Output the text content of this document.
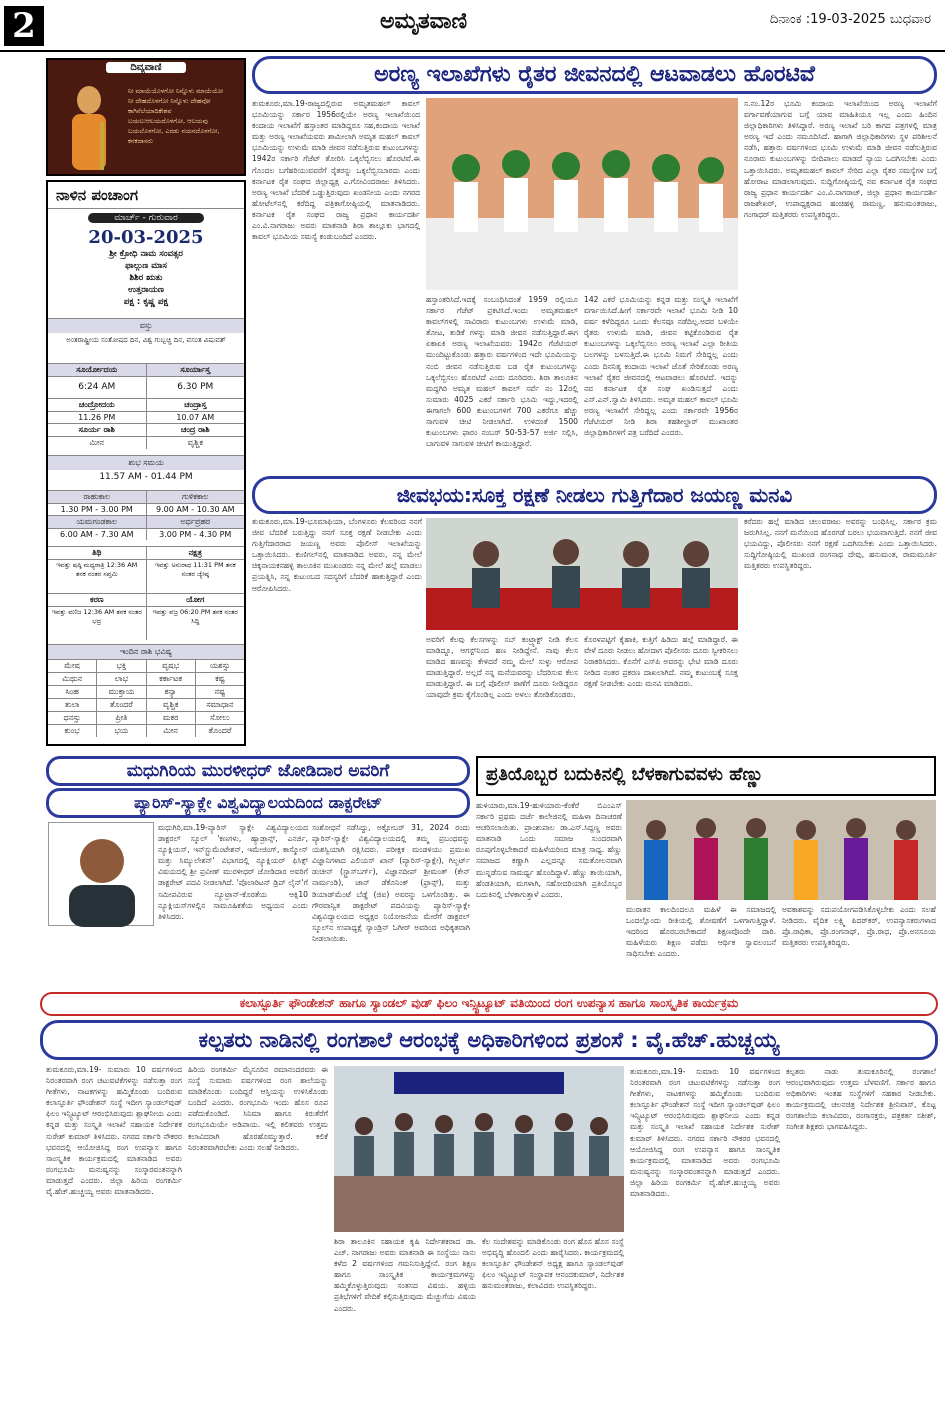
2	ಅಮೃತವಾಣಿ	ದಿನಾಂಕ :19-03-2025 ಬುಧವಾರ
ದಿವ್ಯವಾಣಿ
ನೀ ಮಾಯೆಯೊಳಗೋ ನಿನ್ನೊಳು ಮಾಯೆಯೋ
ನೀ ದೇಹದೊಳಗೋ ನಿನ್ನೊಳು ದೇಹವೋ
ಕಾಗಿನೆಲೆಯಾದಿಕೇಶವ
ಬಯಲುಆಲಯದೊಳಗೋ, ಆಲಯವು ಬಯಲೊಳಗೋ, ಎರಡು ನಯನದೊಳಗೋ,
ಕನಕದಾಸರು
ನಾಳಿನ ಪಂಚಾಂಗ
ಮಾರ್ಚ್ - ಗುರುವಾರ
20-03-2025
ಶ್ರೀ ಕ್ರೋಧಿ ನಾಮ ಸಂವತ್ಸರ
ಫಾಲ್ಗುಣ ಮಾಸ
ಶಿಶಿರ ಋತು
ಉತ್ತರಾಯಣ
ಪಕ್ಷ : ಕೃಷ್ಣ ಪಕ್ಷ
ವಸ್ತು
ಅಂತರಾಷ್ಟ್ರೀಯ ಸಂತೋಷದ ದಿನ, ವಿಶ್ವ ಗುಬ್ಬಚ್ಚಿ ದಿನ, ವಸಂತ ವಿಷುವತ್
ಸೂರ್ಯೋದಯ	ಸೂರ್ಯಾಸ್ತ
6:24 AM	6.30 PM
ಚಂದ್ರೋದಯ	ಚಂದ್ರಾಸ್ತ
11.26 PM	10.07 AM
ಸೂರ್ಯ ರಾಶಿ	ಚಂದ್ರ ರಾಶಿ
ಮೀನ	ವೃಶ್ಚಿಕ
ಶುಭ ಸಮಯ
11.57 AM - 01.44 PM
ರಾಹುಕಾಲ	ಗುಳಿಕಕಾಲ
1.30 PM - 3.00 PM	9.00 AM - 10.30 AM
ಯಮಗಂಡಕಾಲ	ಅರ್ಧಪ್ರಹರ
6.00 AM - 7.30 AM	3.00 PM - 4.30 PM
ತಿಥಿ	ನಕ್ಷತ್ರ
ಇವತ್ತು ಷಷ್ಠಿ ಮಧ್ಯರಾತ್ರಿ 12:36 AM ತನಕ ನಂತರ ಸಪ್ತಮಿ
ಇವತ್ತು ಅನುರಾಧ 11:31 PM ತನಕ ನಂತರ ಜ್ಯೇಷ್ಠ
ಕರಣ	ಯೋಗ
ಇವತ್ತು ವಣಿಜ 12:36 AM ತನಕ ನಂತರ ಭದ್ರ
ಇವತ್ತು ವಜ್ರ 06:20 PM ತನಕ ನಂತರ ಸಿದ್ಧಿ
ಇಂದಿನ ರಾಶಿ ಭವಿಷ್ಯ
ಮೇಷ	ಭಕ್ತಿ	ವೃಷಭ	ಯಶಸ್ಸು
ಮಿಥುನ	ಲಾಭ	ಕರ್ಕಾಟಕ	ಕಷ್ಟ
ಸಿಂಹ	ಮುಕ್ತಾಯ	ಕನ್ಯಾ	ನಷ್ಟ
ತುಲಾ	ತೊಂದರೆ	ವೃಶ್ಚಿಕ	ಸಮಾಧಾನ
ಧನಸ್ಸು	ಪ್ರೀತಿ	ಮಕರ	ಸೋಲು
ಕುಂಭ	ಭಯ	ಮೀನ	ತೊಂದರೆ
ಅರಣ್ಯ ಇಲಾಖೆಗಳು ರೈತರ ಜೀವನದಲ್ಲಿ ಆಟವಾಡಲು ಹೊರಟಿವೆ
ತುಮಕೂರು,ಮಾ.19-ರಾಜ್ಯದಲ್ಲಿರುವ ಅಮೃತಮಹಲ್ ಕಾವಲ್ ಭೂಮಿಯನ್ನು ಸರ್ಕಾರ 1956ರಲ್ಲಿಯೇ ಅರಣ್ಯ ಇಲಾಖೆಯಿಂದ ಕಂದಾಯ ಇಲಾಖೆಗೆ ಹಸ್ತಾಂತರ ಮಾಡಿದ್ದರೂ ಸಹ,ಕಂದಾಯ ಇಲಾಖೆ ಮತ್ತು ಅರಣ್ಯ ಇಲಾಖೆಯವರು ಶಾಮೀಲಾಗಿ ಅಮೃತ ಮಹಲ್ ಕಾವಲ್ ಭೂಮಿಯನ್ನು ಉಳುಮೆ ಮಾಡಿ ಜೀವನ ನಡೆಸುತ್ತಿರುವ ಕುಟುಂಬಗಳನ್ನು 1942ರ ಸರ್ಕಾರಿ ಗೆಜೆಟ್ ತೋರಿಸಿ ಒಕ್ಕಲೆಬ್ಬಿಸಲು ಹೊರಟಿವೆ.ಈ ಗೊಂದಲ ಬಗೆಹರಿಯುವವರೆಗೆ ರೈತರನ್ನು ಒಕ್ಕಲೆಬ್ಬಿಸಬಾರದು ಎಂದು ಕರ್ನಾಟಕ ರೈತ ಸಂಘದ ಜಿಲ್ಲಾಧ್ಯಕ್ಷ ಎ.ಗೋವಿಂದರಾಜು ತಿಳಿಸಿದರು. ಅರಣ್ಯ ಇಲಾಖೆ ಬೆದರಿಕೆ ಒಡ್ಡುತ್ತಿರುವುದು ಖಂಡನೀಯ ಎಂದು ನಗರದ ಹೋಟೆಲ್‌ನಲ್ಲಿ ಕರೆದಿದ್ದ ಪತ್ರಿಕಾಗೋಷ್ಠಿಯಲ್ಲಿ ಮಾತನಾಡಿದರು. ಕರ್ನಾಟಕ ರೈತ ಸಂಘದ ರಾಜ್ಯ ಪ್ರಧಾನ ಕಾರ್ಯದರ್ಶಿ ಎಂ.ವಿ.ನಾಗರಾಜು ಅವರು ಮಾತನಾಡಿ ಶಿರಾ ತಾಲ್ಲೂಕು ಭಾಗದಲ್ಲಿ ಕಾವಲ್ ಭೂಮಿಯ ಸಮಸ್ಯೆ ಕಂಡುಬಂದಿದೆ ಎಂದರು.
ಹಸ್ತಾಂತರಿಸಿದೆ.ಇದಕ್ಕೆ ಸಂಬಂಧಿಸಿದಂತೆ 1959 ರಲ್ಲಿಯೂ ಸರ್ಕಾರ ಗೆಜೆಟ್ ಪ್ರಕಟಿಸಿದೆ.ಇಂದು ಅಮೃತಮಹಲ್ ಕಾವಲ್‌ಗಳಲ್ಲಿ ಸಾವಿರಾರು ಕುಟುಂಬಗಳು ಉಳುಮೆ ಮಾಡಿ, ತೋಟ, ತುಡಿಕೆ ಗಳನ್ನು ಮಾಡಿ ಜೀವನ ನಡೆಸುತ್ತಿದ್ದಾರೆ.ಈಗ ಏಕಾಏಕಿ ಅರಣ್ಯ ಇಲಾಖೆಯವರು 1942ರ ಗೆಜೆಟಿಯರ್ ಮುಂದಿಟ್ಟುಕೊಂಡು ಹತ್ತಾರು ವರ್ಷಗಳಿಂದ ಇದೇ ಭೂಮಿಯನ್ನು ನಂಬಿ ಜೀವನ ನಡೆಸುತ್ತಿರುವ ಬಡ ರೈತ ಕುಟುಂಬಗಳನ್ನು ಒಕ್ಕಲೆಬ್ಬಿಸಲು ಹೊರಟಿದೆ ಎಂದು ದೂರಿದರು. ಶಿರಾ ತಾಲೂಕಿನ ಮದ್ದಗಿರಿ ಅಮೃತ ಮಹಲ್ ಕಾವಲ್ ಸರ್ವೆ ನಂ 12ರಲ್ಲಿ ಸುಮಾರು 4025 ಎಕರೆ ಸರ್ಕಾರಿ ಭೂಮಿ ಇದ್ದು,ಇದರಲ್ಲಿ ಈಗಾಗಲೇ 600 ಕುಟುಂಬಗಳಿಗೆ 700 ಎಕರೆಗೂ ಹೆಚ್ಚು ಸಾಗುವಳಿ ಚೀಟಿ ನೀಡಲಾಗಿದೆ. ಉಳಿದಂತೆ 1500 ಕುಟುಂಬಗಳು ಫಾರಂ ನಂಬರ್ 50-53-57 ಅರ್ಜಿ ಸಲ್ಲಿಸಿ, ಬಾಗುವಳಿ ಸಾಗುವಳಿ ಚೀಟಿಗೆ ಕಾಯುತ್ತಿದ್ದಾರೆ.
142 ಎಕರೆ ಭೂಮಿಯನ್ನು ಕನ್ನಡ ಮತ್ತು ಸಂಸ್ಕೃತಿ ಇಲಾಖೆಗೆ ವರ್ಗಾಯಿಸಿದೆ.ಹೀಗೆ ಸರ್ಕಾರವೇ ಇಲಾಖೆ ಭೂಮಿ ನೀಡಿ 10 ವರ್ಷ ಕಳೆದಿದ್ದರೂ ಒಂದು ಕೆಲಸವೂ ನಡೆದಿಲ್ಲ.ಅದರ ಬಳಿಯೇ ರೈತರು ಉಳುಮೆ ಮಾಡಿ, ಜೀವನ ಕಟ್ಟಿಕೊಂಡಿರುವ ರೈತ ಕುಟುಂಬಗಳನ್ನು ಒಕ್ಕಲೆಬ್ಬಿಸಲು ಅರಣ್ಯ ಇಲಾಖೆ ಎಲ್ಲಾ ರೀತಿಯ ಬಲಗಳನ್ನು ಬಳಸುತ್ತಿದೆ.ಈ ಭೂಮಿ ನಿಮಗೆ ಸೇರಿದ್ದಲ್ಲ ಎಂದು ಎಂದು ದಿನನಿತ್ಯ ಕಂದಾಯ ಇಲಾಖೆ ಜೊತೆ ಸೇರಿಕೊಂಡು ಅರಣ್ಯ ಇಲಾಖೆ ರೈತರ ಜೀವನದಲ್ಲಿ ಆಟವಾಡಲು ಹೊರಟಿದೆ. ಇದನ್ನು ನವ ಕರ್ನಾಟಕ ರೈತ ಸಂಘ ಖಂಡಿಸುತ್ತದೆ ಎಂದು ಎಸ್.ಎನ್.ಸ್ವಾಮಿ ತಿಳಿಸಿದರು. ಅಮೃತ ಮಹಲ್ ಕಾವಲ್ ಭೂಮಿ ಅರಣ್ಯ ಇಲಾಖೆಗೆ ಸೇರಿದ್ದಲ್ಲ ಎಂದು ಸರ್ಕಾರವೇ 1956ರ ಗೆಜೆಟಿಯರ್ ನೀಡಿ ಶಿರಾ ತಹಶೀಲ್ದಾರ್ ಮುಖಾಂತರ ಜಿಲ್ಲಾಧಿಕಾರಿಗಳಿಗೆ ಪತ್ರ ಬರೆದಿದೆ ಎಂದರು.
ಸ.ನಂ.12ರ ಭೂಮಿ ಕಂದಾಯ ಇಲಾಖೆಯಿಂದ ಅರಣ್ಯ ಇಲಾಖೆಗೆ ವರ್ಗಾವಣೆಯಾಗುವ ಬಗ್ಗೆ ಯಾವ ಮಾಹಿತಿಯೂ ಇಲ್ಲ ಎಂದು ಹಿಂದಿನ ಜಿಲ್ಲಾಧಿಕಾರಿಗಳು ತಿಳಿಸಿದ್ದಾರೆ. ಅರಣ್ಯ ಇಲಾಖೆ ಬರಿ ಕಾಗದ ಪತ್ರಗಳಲ್ಲಿ ಮಾತ್ರ ಅರಣ್ಯ ಇದೆ ಎಂದು ನಮೂದಿಸಿದೆ. ಹಾಗಾಗಿ ಜಿಲ್ಲಾಧಿಕಾರಿಗಳು ಸ್ಥಳ ಪರಿಶೀಲನೆ ನಡೆಸಿ, ಹತ್ತಾರು ವರ್ಷಗಳಿಂದ ಭೂಮಿ ಉಳುಮೆ ಮಾಡಿ ಜೀವನ ನಡೆಸುತ್ತಿರುವ ನೂರಾರು ಕುಟುಂಬಗಳನ್ನು ಬೀದಿಪಾಲು ಮಾಡದೆ ನ್ಯಾಯ ಒದಗಿಸಬೇಕು ಎಂದು ಒತ್ತಾಯಿಸಿದರು. ಅಮೃತಮಹಲ್ ಕಾವಲ್ ಸೇರಿದ ಎಲ್ಲಾ ರೈತರ ಸಮಸ್ಯೆಗಳ ಬಗ್ಗೆ ಹೋರಾಟ ಮಾಡಲಾಗುವುದು. ಸುದ್ದಿಗೋಷ್ಠಿಯಲ್ಲಿ ನವ ಕರ್ನಾಟಕ ರೈತ ಸಂಘದ ರಾಜ್ಯ ಪ್ರಧಾನ ಕಾರ್ಯದರ್ಶಿ ಎಂ.ವಿ.ನಾಗರಾಜ್, ಜಿಲ್ಲಾ ಪ್ರಧಾನ ಕಾರ್ಯದರ್ಶಿ ರಾಜಶೇಖರ್, ಉಪಾಧ್ಯಕ್ಷರಾದ ಹಂಚಿಹಳ್ಳಿ ರಾಮಣ್ಣ, ಹನುಮಂತರಾಜು, ಗಂಗಾಧರ್ ಮತ್ತಿತರರು ಉಪಸ್ಥಿತರಿದ್ದರು.
ಜೀವಭಯ:ಸೂಕ್ತ ರಕ್ಷಣೆ ನೀಡಲು ಗುತ್ತಿಗೆದಾರ ಜಯಣ್ಣ ಮನವಿ
ತುಮಕೂರು,ಮಾ.19-ಭೂಮಾಫಿಯಾ, ಬೆಂಗಳೂರು ಕೆಲವರಿಂದ ನನಗೆ ಜೀವ ಬೆದರಿಕೆ ಬರುತ್ತಿದ್ದು ನನಗೆ ಸೂಕ್ತ ರಕ್ಷಣೆ ನೀಡಬೇಕು ಎಂದು ಗುತ್ತಿಗೆದಾರರಾದ ಜಯಣ್ಣ ಅವರು ಪೊಲೀಸ್ ಇಲಾಖೆಯನ್ನು ಒತ್ತಾಯಿಸಿದರು. ಕುಣಿಗಲ್‌ನಲ್ಲಿ ಮಾತನಾಡಿದ ಅವರು, ನನ್ನ ಮೇಲೆ ಚಿಕ್ಕನಾಯಕನಹಳ್ಳಿ ತಾಲೂಕಿನ ಮುಖಂಡರು ನನ್ನ ಮೇಲೆ ಹಲ್ಲೆ ಮಾಡಲು ಪ್ರಯತ್ನಿಸಿ, ನನ್ನ ಕುಟುಂಬದ ಸದಸ್ಯರಿಗೆ ಬೆದರಿಕೆ ಹಾಕುತ್ತಿದ್ದಾರೆ ಎಂದು ಆರೋಪಿಸಿದರು.
ಅವರಿಗೆ ಕೆಲವು ಕೆಲಸಗಳನ್ನು ಸಬ್ ಕಂಟ್ರ್ಯಾಕ್ಟ್ ನೀಡಿ ಕೆಲಸ ಮಾಡಿದ್ದೂ, ಆಗಸ್ಟ್‌ನಿಂದ ಹಣ ನೀಡಿದ್ದೇನೆ. ನಾವು ಕೆಲಸ ಮಾಡಿದ ಹಣವನ್ನು ಕೇಳಿದರೆ ನಮ್ಮ ಮೇಲೆ ಸುಳ್ಳು ಆರೋಪ ಮಾಡುತ್ತಿದ್ದಾರೆ. ಅಲ್ಲದೆ ನನ್ನ ಮನೆಯವರನ್ನು ಬೆದರಿಸುವ ಕೆಲಸ ಮಾಡುತ್ತಿದ್ದಾರೆ. ಈ ಬಗ್ಗೆ ಪೊಲೀಸ್ ಠಾಣೆಗೆ ದೂರು ನೀಡಿದ್ದರೂ ಯಾವುದೇ ಕ್ರಮ ಕೈಗೊಂಡಿಲ್ಲ ಎಂದು ಅಳಲು ತೋಡಿಕೊಂಡರು.
ಕೊರಳಪಟ್ಟಿಗೆ ಕೈಹಾಕಿ, ಕುತ್ತಿಗೆ ಹಿಡಿದು ಹಲ್ಲೆ ಮಾಡಿದ್ದಾರೆ. ಈ ವೇಳೆ ದೂರು ನೀಡಲು ಹೋದಾಗ ಪೊಲೀಸರು ದೂರು ಸ್ವೀಕರಿಸಲು ನಿರಾಕರಿಸಿದರು. ಕೊನೆಗೆ ಎಸ್‌ಪಿ ಅವರನ್ನು ಭೇಟಿ ಮಾಡಿ ದೂರು ನೀಡಿದ ನಂತರ ಪ್ರಕರಣ ದಾಖಲಾಗಿದೆ. ನಮ್ಮ ಕುಟುಂಬಕ್ಕೆ ಸೂಕ್ತ ರಕ್ಷಣೆ ನೀಡಬೇಕು ಎಂದು ಮನವಿ ಮಾಡಿದರು.
ಕರೆದರು ಹಲ್ಲೆ ಮಾಡಿದ ಚಲುವರಾಜು ಅವರನ್ನು ಬಂಧಿಸಿಲ್ಲ. ಸರ್ಕಾರ ಕ್ರಮ ಜರುಗಿಸಿಲ್ಲ. ನನಗೆ ಮನೆಯಿಂದ ಹೊರಗಡೆ ಬರಲು ಭಯವಾಗುತ್ತಿದೆ. ನನಗೆ ಜೀವ ಭಯವಿದ್ದು, ಪೊಲೀಸರು ನನಗೆ ರಕ್ಷಣೆ ಒದಗಿಸಬೇಕು ಎಂದು ಒತ್ತಾಯಿಸಿದರು. ಸುದ್ದಿಗೋಷ್ಠಿಯಲ್ಲಿ ಮುಖಂಡ ರಂಗನಾಥ ದೇವು, ಹನುಮಂತ, ರಾಮಮೂರ್ತಿ ಮತ್ತಿತರರು ಉಪಸ್ಥಿತರಿದ್ದರು.
ಮಧುಗಿರಿಯ ಮುರಳೀಧರ್ ಜೋಡಿದಾರ ಅವರಿಗೆ
ಪ್ಯಾರಿಸ್-ಸ್ಯಾಕ್ಲೇ ವಿಶ್ವವಿದ್ಯಾಲಯದಿಂದ ಡಾಕ್ಟರೇಟ್
ಮಧುಗಿರಿ,ಮಾ.19-ಪ್ಯಾರಿಸ್ ಸ್ಯಾಕ್ಲೇ ವಿಶ್ವವಿದ್ಯಾಲಯದ ಡಾಕ್ಟರಲ್ ಸ್ಕೂಲ್ 'ಕಣಗಳು, ಹ್ಯಾಡ್ರಾನ್ಸ್, ಎನರ್ಜಿ, ನ್ಯೂಕ್ಲಿಯಸ್, ಇನ್‌ಸ್ಟ್ರುಮೆಂಟೇಶನ್, ಇಮೇಜಿಂಗ್, ಕಾಸ್ಮೋಸ್ ಮತ್ತು ಸಿಮ್ಯುಲೇಶನ್' ವಿಭಾಗದಲ್ಲಿ ನ್ಯೂಕ್ಲಿಯರ್ ಫಿಸಿಕ್ಸ್ ವಿಷಯದಲ್ಲಿ ಶ್ರೀ ಪ್ರವೀಣ್ ಮುರಳೀಧರ್ ಜೋಡಿದಾರ ಅವರಿಗೆ ಡಾಕ್ಟರೇಟ್ ಪದವಿ ನೀಡಲಾಗಿದೆ. 'ಪೊಲಾರಿಟನ್ ಡ್ರಿಪ್ ಲೈನ್'ಗೆ ಸಮೀಪವಿರುವ ನ್ಯೂಟ್ರಾನ್-ಕೊರತೆಯ ಆಕ್ಸಿ10 ನ್ಯೂಕ್ಲಿಯಸ್‌ಗಳಲ್ಲಿನ ಸಾಮೂಹಿಕತೆಯ ಅಧ್ಯಯನ ಎಂದು ತಿಳಿಸಿದರು.
ಸಂಶೋಧನೆ ನಡೆಸಿದ್ದು, ಅಕ್ಟೋಬರ್ 31, 2024 ರಂದು ಪ್ಯಾರಿಸ್-ಸ್ಯಾಕ್ಲೇ ವಿಶ್ವವಿದ್ಯಾಲಯದಲ್ಲಿ ತಮ್ಮ ಪ್ರಬಂಧವನ್ನು ಯಶಸ್ವಿಯಾಗಿ ರಕ್ಷಿಸಿದರು. ಪರೀಕ್ಷಕ ಮಂಡಳಿಯು ಪ್ರಮುಖ ವಿಜ್ಞಾನಿಗಳಾದ ಎಲಿಯಸ್ ಖಾನ್ (ಪ್ಯಾರಿಸ್-ಸ್ಯಾಕ್ಲೇ), ಗಿಲ್ಬರ್ಟ್ ಡುಚೀನ್ (ಸ್ಟ್ರಾಸ್‌ಬರ್ಗ್), ವಿಜ್ಞಾನದೀಪ್ ಶ್ರೀಮಂತ್ (ಕೇನ್ ನಾರ್ಮಂಡಿ), ಜಾನ್ ಡೆಕೊನಿಂಕ್ (ಫ್ರಾನ್ಸ್), ಮತ್ತು ಡಿಯಾಡ್‌ಮೆಂಟೆ ಬೆಡ್ಡೆ (ಜಿಐ) ಅವರನ್ನು ಒಳಗೊಂಡಿತ್ತು. ಈ ಗೌರವಾನ್ವಿತ ಡಾಕ್ಟರೇಟ್ ಪದವಿಯನ್ನು ಪ್ಯಾರಿಸ್-ಸ್ಯಾಕ್ಲೇ ವಿಶ್ವವಿದ್ಯಾಲಯದ ಅಧ್ಯಕ್ಷರ ನಿಯೋಜನೆಯ ಮೇರೆಗೆ ಡಾಕ್ಟರಲ್ ಸ್ಕೂಲ್‌ನ ಉಪಾಧ್ಯಕ್ಷೆ ಸ್ಯಾಂಡ್ರಿನ್ ಓಗೀರ್ ಅವರಿಂದ ಅಧಿಕೃತವಾಗಿ ನೀಡಲಾಯಿತು.
ಪ್ರತಿಯೊಬ್ಬರ ಬದುಕಿನಲ್ಲಿ ಬೆಳಕಾಗುವವಳು ಹೆಣ್ಣು
ಹುಳಿಯಾರು,ಮಾ.19-ಹುಳಿಯಾರು-ಕೆಂಕೆರೆ ಬಿಎಂಎಸ್ ಸರ್ಕಾರಿ ಪ್ರಥಮ ದರ್ಜೆ ಕಾಲೇಜಿನಲ್ಲಿ ಮಹಿಳಾ ದಿನಾಚರಣೆ ಆಚರಿಸಲಾಯಿತು. ಪ್ರಾಂಶುಪಾಲ ಡಾ.ಎಸ್.ಸಿದ್ದಣ್ಣ ಅವರು ಮಾತನಾಡಿ ಒಂದು ಸಮಾಜ ಸುಂದರವಾಗಿ ರೂಪುಗೊಳ್ಳಬೇಕಾದರೆ ಮಹಿಳೆಯರಿಂದ ಮಾತ್ರ ಸಾಧ್ಯ. ಹೆಣ್ಣು ಸಮಾಜದ ಕಣ್ಣಾಗಿ ಎಲ್ಲದನ್ನೂ ಸಮತೋಲನವಾಗಿ ಮುನ್ನಡೆಸುವ ಸಾಮರ್ಥ್ಯ ಹೊಂದಿದ್ದಾಳೆ. ಹೆಣ್ಣು ತಾಯಿಯಾಗಿ, ಹೆಂಡತಿಯಾಗಿ, ಮಗಳಾಗಿ, ಸಹೋದರಿಯಾಗಿ ಪ್ರತಿಯೊಬ್ಬರ ಬದುಕಿನಲ್ಲಿ ಬೆಳಕಾಗುತ್ತಾಳೆ ಎಂದರು.
ಮುರಾತನ ಕಾಲದಿಂದಲೂ ಮಹಿಳೆ ಈ ಸಮಾಜದಲ್ಲಿ ಒಂದಲ್ಲೊಂದು ರೀತಿಯಲ್ಲಿ ಶೋಷಣೆಗೆ ಒಳಗಾಗುತ್ತಿದ್ದಾಳೆ. ಇದರಿಂದ ಹೊರಬರಬೇಕಾದರೆ ಶಿಕ್ಷಣವೊಂದೇ ದಾರಿ. ಮಹಿಳೆಯರು ಶಿಕ್ಷಣ ಪಡೆದು ಆರ್ಥಿಕ ಸ್ವಾವಲಂಬನೆ ಸಾಧಿಸಬೇಕು ಎಂದರು.
ಅವಕಾಶವನ್ನು ಸದುಪಯೋಗಪಡಿಸಿಕೊಳ್ಳಬೇಕು ಎಂದು ಸಲಹೆ ನೀಡಿದರು. ವೈದಿಕ ಲಕ್ಷ್ಮಿ ಪಿದರ್‌ಕರ್, ಉಪನ್ಯಾಸಕರುಗಳಾದ ಪ್ರೊ.ರಾಧಿಕಾ, ಪ್ರೊ.ರಂಗನಾಥ್, ಪ್ರೊ.ರಾಧ, ಪ್ರೊ.ಅನಸೂಯ ಮತ್ತಿತರರು ಉಪಸ್ಥಿತರಿದ್ದರು.
ಕಲಾಸ್ಫೂರ್ತಿ ಫೌಂಡೇಶನ್ ಹಾಗೂ ಸ್ಯಾಂಡಲ್ ವುಡ್ ಫಿಲಂ ಇನ್ಸ್ಟಿಟ್ಯೂಟ್ ವತಿಯಿಂದ ರಂಗ ಉಪನ್ಯಾಸ ಹಾಗೂ ಸಾಂಸ್ಕೃತಿಕ ಕಾರ್ಯಕ್ರಮ
ಕಲ್ಪತರು ನಾಡಿನಲ್ಲಿ ರಂಗಶಾಲೆ ಆರಂಭಕ್ಕೆ ಅಧಿಕಾರಿಗಳಿಂದ ಪ್ರಶಂಸೆ : ವೈ.ಹೆಚ್.ಹುಚ್ಚಯ್ಯ
ತುಮಕೂರು,ಮಾ.19- ಸುಮಾರು 10 ವರ್ಷಗಳಿಂದ ನಿರಂತರವಾಗಿ ರಂಗ ಚಟುವಟಿಕೆಗಳನ್ನು ನಡೆಸುತ್ತಾ ರಂಗ ಗೀತೆಗಳು, ನಾಟಕಗಳನ್ನು ಹಮ್ಮಿಕೊಂಡು ಬಂದಿರುವ ಕಲಾಸ್ಫೂರ್ತಿ ಫೌಂಡೇಶನ್ ಸಂಸ್ಥೆ ಇದೀಗ ಸ್ಯಾಂಡಲ್‌ವುಡ್ ಫಿಲಂ ಇನ್ಸ್ಟಿಟ್ಯೂಟ್ ಆರಂಭಿಸಿರುವುದು ಶ್ಲಾಘನೀಯ ಎಂದು ಕನ್ನಡ ಮತ್ತು ಸಂಸ್ಕೃತಿ ಇಲಾಖೆ ಸಹಾಯಕ ನಿರ್ದೇಶಕ ಸುರೇಶ್ ಕುಮಾರ್ ತಿಳಿಸಿದರು. ನಗರದ ಸರ್ಕಾರಿ ನೌಕರರ ಭವನದಲ್ಲಿ ಆಯೋಜಿಸಿದ್ದ ರಂಗ ಉಪನ್ಯಾಸ ಹಾಗೂ ಸಾಂಸ್ಕೃತಿಕ ಕಾರ್ಯಕ್ರಮದಲ್ಲಿ ಮಾತನಾಡಿದ ಅವರು ರಂಗಭೂಮಿ ಮನುಷ್ಯನನ್ನು ಸಂಸ್ಕಾರವಂತನನ್ನಾಗಿ ಮಾಡುತ್ತದೆ ಎಂದರು. ಜಿಲ್ಲಾ ಹಿರಿಯ ರಂಗಕರ್ಮಿ ವೈ.ಹೆಚ್.ಹುಚ್ಚಯ್ಯ ಅವರು ಮಾತನಾಡಿದರು.
ಹಿರಿಯ ರಂಗಕರ್ಮಿ ಮೈಸೂರಿನ ರಮಾನಂದರವರು ಈ ಸಂಸ್ಥೆ ಸುಮಾರು ವರ್ಷಗಳಿಂದ ರಂಗ ಶಾಲೆಯನ್ನು ಮಾಡಿಕೊಂಡು ಬಂದಿದ್ದರೆ ಆಸ್ತಿಯನ್ನು ಉಳಿಸಿಕೊಂಡು ಬಂದಿದೆ ಎಂದರು. ರಂಗಭೂಮಿ ಇಂದು ಹೊಸ ರೂಪ ಪಡೆದುಕೊಂಡಿದೆ. ಸಿನಿಮಾ ಹಾಗೂ ಕಿರುತೆರೆಗೆ ರಂಗಭೂಮಿಯೇ ಅಡಿಪಾಯ. ಇಲ್ಲಿ ಕಲಿತವರು ಉತ್ತಮ ಕಲಾವಿದರಾಗಿ ಹೊರಹೊಮ್ಮುತ್ತಾರೆ. ಕಲಿಕೆ ನಿರಂತರವಾಗಿರಬೇಕು ಎಂದು ಸಲಹೆ ನೀಡಿದರು.
ಶಿರಾ ತಾಲೂಕಿನ ಸಹಾಯಕ ಕೃಷಿ ನಿರ್ದೇಶಕರಾದ ಡಾ. ಎಚ್. ನಾಗರಾಜು ಅವರು ಮಾತನಾಡಿ ಈ ಸಂಸ್ಥೆಯು ನಾನು ಕಳೆದ 2 ವರ್ಷಗಳಿಂದ ಗಮನಿಸುತ್ತಿದ್ದೇನೆ. ರಂಗ ಶಿಕ್ಷಣ ಹಾಗೂ ಸಾಂಸ್ಕೃತಿಕ ಕಾರ್ಯಕ್ರಮಗಳನ್ನು ಹಮ್ಮಿಕೊಳ್ಳುತ್ತಿರುವುದು ಸಂತಸದ ವಿಷಯ. ಹಳ್ಳಿಯ ಪ್ರತಿಭೆಗಳಿಗೆ ವೇದಿಕೆ ಕಲ್ಪಿಸುತ್ತಿರುವುದು ಮೆಚ್ಚುಗೆಯ ವಿಷಯ ಎಂದರು.
ಕೆಲ ಸಂದೇಶವನ್ನು ಮಾಡಿಕೊಂಡು ರಂಗ ಹೊಸ ಹೊಸ ಸಂಸ್ಥೆ ಅಭಿವೃದ್ಧಿ ಹೊಂದಲಿ ಎಂದು ಹಾರೈಸಿದರು. ಕಾರ್ಯಕ್ರಮದಲ್ಲಿ ಕಲಾಸ್ಫೂರ್ತಿ ಫೌಂಡೇಶನ್ ಅಧ್ಯಕ್ಷ ಹಾಗೂ ಸ್ಯಾಂಡಲ್‌ವುಡ್ ಫಿಲಂ ಇನ್ಸ್ಟಿಟ್ಯೂಟ್ ಸಂಸ್ಥಾಪಕ ಆನಂದಕುಮಾರ್, ನಿರ್ದೇಶಕ ಹನುಮಂತರಾಜು, ಕಲಾವಿದರು ಉಪಸ್ಥಿತರಿದ್ದರು.
ತುಮಕೂರು,ಮಾ.19- ಸುಮಾರು 10 ವರ್ಷಗಳಿಂದ ನಿರಂತರವಾಗಿ ರಂಗ ಚಟುವಟಿಕೆಗಳನ್ನು ನಡೆಸುತ್ತಾ ರಂಗ ಗೀತೆಗಳು, ನಾಟಕಗಳನ್ನು ಹಮ್ಮಿಕೊಂಡು ಬಂದಿರುವ ಕಲಾಸ್ಫೂರ್ತಿ ಫೌಂಡೇಶನ್ ಸಂಸ್ಥೆ ಇದೀಗ ಸ್ಯಾಂಡಲ್‌ವುಡ್ ಫಿಲಂ ಇನ್ಸ್ಟಿಟ್ಯೂಟ್ ಆರಂಭಿಸಿರುವುದು ಶ್ಲಾಘನೀಯ ಎಂದು ಕನ್ನಡ ಮತ್ತು ಸಂಸ್ಕೃತಿ ಇಲಾಖೆ ಸಹಾಯಕ ನಿರ್ದೇಶಕ ಸುರೇಶ್ ಕುಮಾರ್ ತಿಳಿಸಿದರು. ನಗರದ ಸರ್ಕಾರಿ ನೌಕರರ ಭವನದಲ್ಲಿ ಆಯೋಜಿಸಿದ್ದ ರಂಗ ಉಪನ್ಯಾಸ ಹಾಗೂ ಸಾಂಸ್ಕೃತಿಕ ಕಾರ್ಯಕ್ರಮದಲ್ಲಿ ಮಾತನಾಡಿದ ಅವರು ರಂಗಭೂಮಿ ಮನುಷ್ಯನನ್ನು ಸಂಸ್ಕಾರವಂತನನ್ನಾಗಿ ಮಾಡುತ್ತದೆ ಎಂದರು. ಜಿಲ್ಲಾ ಹಿರಿಯ ರಂಗಕರ್ಮಿ ವೈ.ಹೆಚ್.ಹುಚ್ಚಯ್ಯ ಅವರು ಮಾತನಾಡಿದರು.
ಕಲ್ಪತರು ನಾಡು ತುಮಕೂರಿನಲ್ಲಿ ರಂಗಶಾಲೆ ಆರಂಭವಾಗಿರುವುದು ಉತ್ತಮ ಬೆಳವಣಿಗೆ. ಸರ್ಕಾರ ಹಾಗೂ ಅಧಿಕಾರಿಗಳು ಇಂತಹ ಸಂಸ್ಥೆಗಳಿಗೆ ಸಹಕಾರ ನೀಡಬೇಕು. ಕಾರ್ಯಕ್ರಮದಲ್ಲಿ ಚಲನಚಿತ್ರ ನಿರ್ದೇಶಕ ಶ್ರೀನಿವಾಸ್, ಕೊಟ್ಟ ರಂಗಶಾಲೆಯ ಕಲಾವಿದರು, ರಂಗಾಸಕ್ತರು, ಪತ್ರಕರ್ತ ಸತೀಶ್, ಸಂಗೀತ ಶಿಕ್ಷಕರು ಭಾಗವಹಿಸಿದ್ದರು.
